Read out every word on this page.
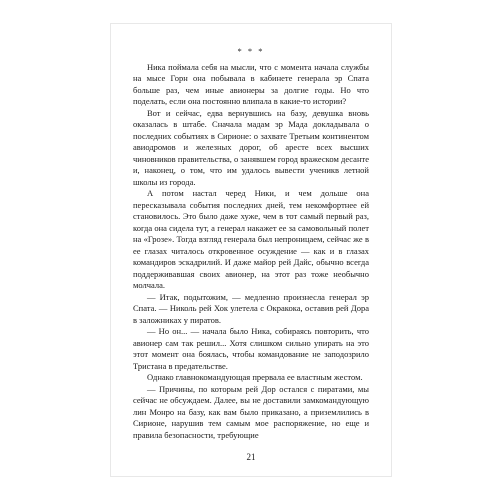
* * *

Ника поймала себя на мысли, что с момента начала службы на мысе Горн она побывала в кабинете генерала эр Спата больше раз, чем иные авионеры за долгие годы. Но что поделать, если она постоянно влипала в какие-то истории?

Вот и сейчас, едва вернувшись на базу, девушка вновь оказалась в штабе. Сначала мадам эр Мада докладывала о последних событиях в Сирионе: о захвате Третьим континентом авиодромов и железных дорог, об аресте всех высших чиновников правительства, о занявшем город вражеском десанте и, наконец, о том, что им удалось вывести ученикв летной школы из города.

А потом настал черед Ники, и чем дольше она пересказывала события последних дней, тем некомфортнее ей становилось. Это было даже хуже, чем в тот самый первый раз, когда она сидела тут, а генерал накажет ее за самовольный полет на «Грозе». Тогда взгляд генерала был непроницаем, сейчас же в ее глазах читалось откровенное осуждение — как и в глазах командиров эскадрилий. И даже майор рей Дайс, обычно всегда поддерживавшая своих авионер, на этот раз тоже необычно молчала.

— Итак, подытожим, — медленно произнесла генерал эр Спата. — Николь рей Хок улетела с Окракока, оставив рей Дора в заложниках у пиратов.

— Но он... — начала было Ника, собираясь повторить, что авионер сам так решил... Хотя слишком сильно упирать на это этот момент она боялась, чтобы командование не заподозрило Тристана в предательстве.

Однако главнокомандующая прервала ее властным жестом.

— Причины, по которым рей Дор остался с пиратами, мы сейчас не обсуждаем. Далее, вы не доставили замкомандующую лин Монро на базу, как вам было приказано, а приземлились в Сирионе, нарушив тем самым мое распоряжение, но еще и правила безопасности, требующие

21
